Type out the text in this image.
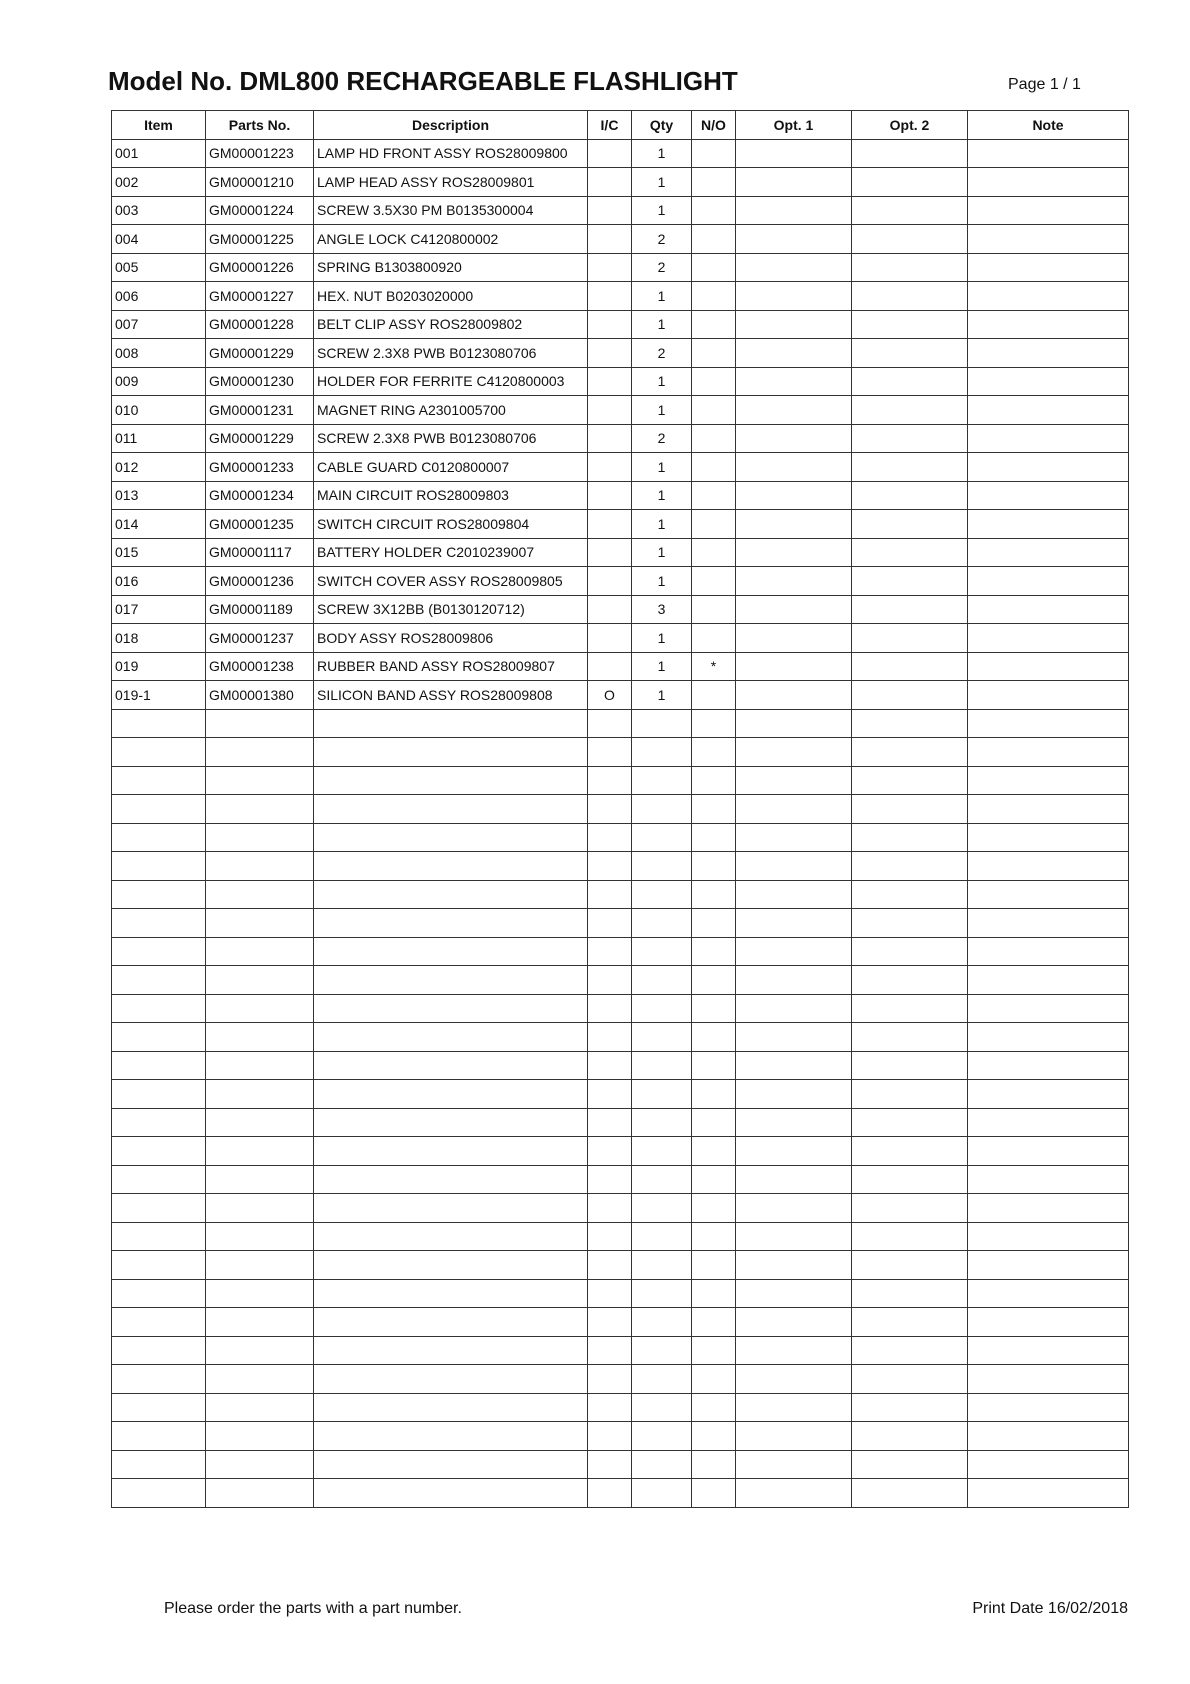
Model No. DML800 RECHARGEABLE FLASHLIGHT	Page 1 / 1
Item	Parts No.	Description	I/C	Qty	N/O	Opt. 1	Opt. 2	Note
001	GM00001223	LAMP HD FRONT ASSY ROS28009800		1				
002	GM00001210	LAMP HEAD ASSY ROS28009801		1				
003	GM00001224	SCREW 3.5X30 PM B0135300004		1				
004	GM00001225	ANGLE LOCK C4120800002		2				
005	GM00001226	SPRING B1303800920		2				
006	GM00001227	HEX. NUT B0203020000		1				
007	GM00001228	BELT CLIP ASSY ROS28009802		1				
008	GM00001229	SCREW 2.3X8 PWB B0123080706		2				
009	GM00001230	HOLDER FOR FERRITE C4120800003		1				
010	GM00001231	MAGNET RING A2301005700		1				
011	GM00001229	SCREW 2.3X8 PWB B0123080706		2				
012	GM00001233	CABLE GUARD C0120800007		1				
013	GM00001234	MAIN CIRCUIT ROS28009803		1				
014	GM00001235	SWITCH CIRCUIT ROS28009804		1				
015	GM00001117	BATTERY HOLDER C2010239007		1				
016	GM00001236	SWITCH COVER ASSY ROS28009805		1				
017	GM00001189	SCREW 3X12BB (B0130120712)		3				
018	GM00001237	BODY ASSY ROS28009806		1				
019	GM00001238	RUBBER BAND ASSY ROS28009807		1	*			
019-1	GM00001380	SILICON BAND ASSY ROS28009808	O	1				

Please order the parts with a part number.	Print Date 16/02/2018
